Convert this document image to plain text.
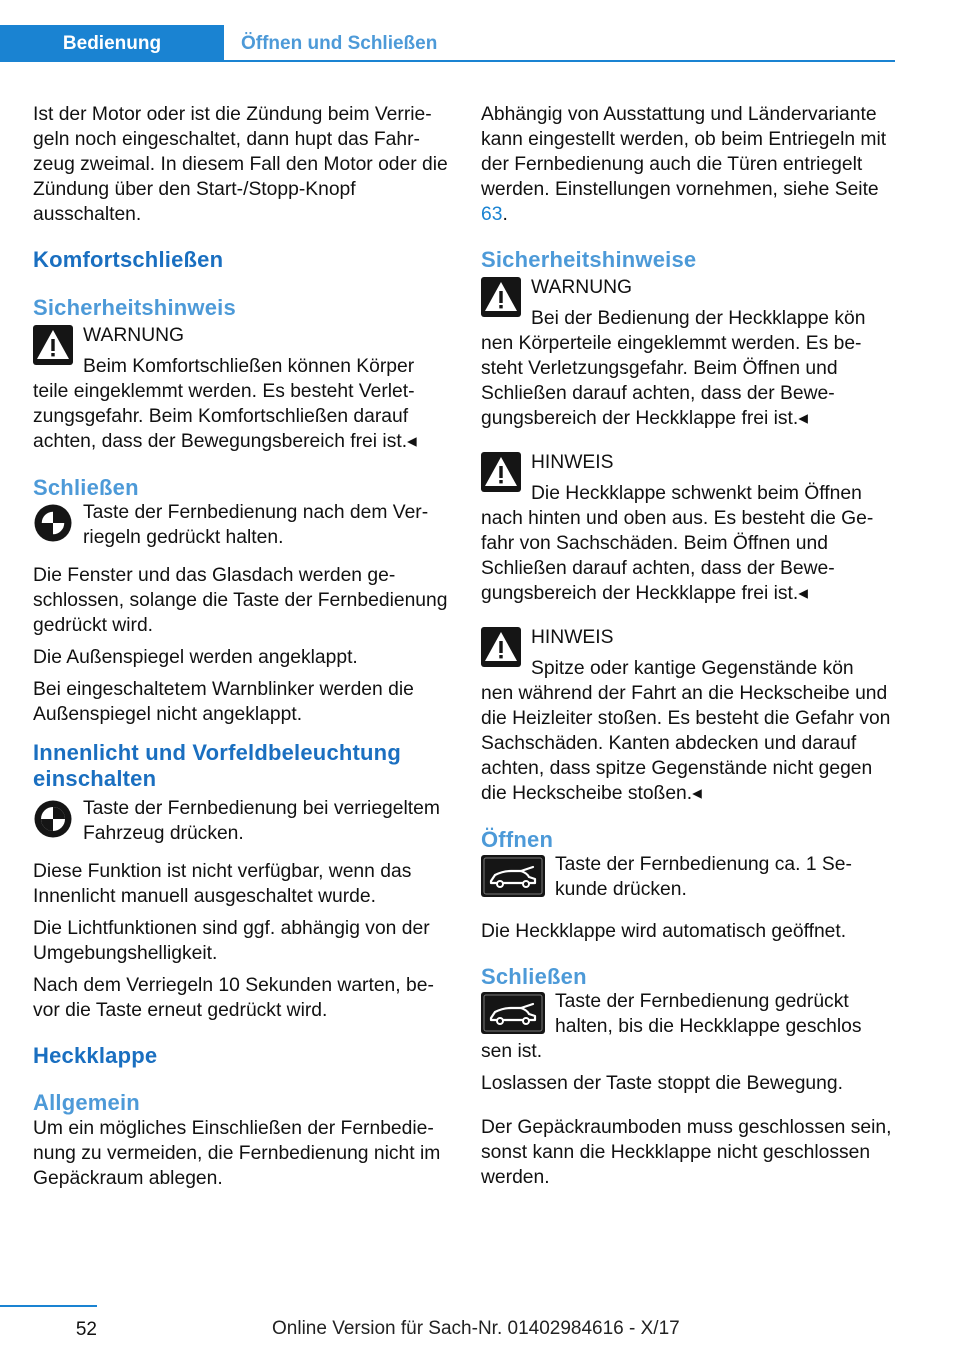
Bedienung	Öffnen und Schließen

Ist der Motor oder ist die Zündung beim Verriegeln noch eingeschaltet, dann hupt das Fahrzeug zweimal. In diesem Fall den Motor oder die Zündung über den Start-/Stopp-Knopf ausschalten.

Komfortschließen
Sicherheitshinweis
WARNUNG
Beim Komfortschließen können Körper
teile eingeklemmt werden. Es besteht Verletzungsgefahr. Beim Komfortschließen darauf achten, dass der Bewegungsbereich frei ist.◂
Schließen
Taste der Fernbedienung nach dem Verriegeln gedrückt halten.

Die Fenster und das Glasdach werden geschlossen, solange die Taste der Fernbedienung gedrückt wird.

Die Außenspiegel werden angeklappt.

Bei eingeschaltetem Warnblinker werden die Außenspiegel nicht angeklappt.

Innenlicht und Vorfeldbeleuchtung einschalten
Taste der Fernbedienung bei verriegeltem Fahrzeug drücken.

Diese Funktion ist nicht verfügbar, wenn das Innenlicht manuell ausgeschaltet wurde.

Die Lichtfunktionen sind ggf. abhängig von der Umgebungshelligkeit.

Nach dem Verriegeln 10 Sekunden warten, bevor die Taste erneut gedrückt wird.

Heckklappe
Allgemein

Um ein mögliches Einschließen der Fernbedienung zu vermeiden, die Fernbedienung nicht im Gepäckraum ablegen.

Abhängig von Ausstattung und Ländervariante kann eingestellt werden, ob beim Entriegeln mit der Fernbedienung auch die Türen entriegelt werden. Einstellungen vornehmen, siehe Seite 63.

Sicherheitshinweise
WARNUNG
Bei der Bedienung der Heckklappe kön
nen Körperteile eingeklemmt werden. Es besteht Verletzungsgefahr. Beim Öffnen und Schließen darauf achten, dass der Bewegungsbereich der Heckklappe frei ist.◂
HINWEIS
Die Heckklappe schwenkt beim Öffnen
nach hinten und oben aus. Es besteht die Gefahr von Sachschäden. Beim Öffnen und Schließen darauf achten, dass der Bewegungsbereich der Heckklappe frei ist.◂
HINWEIS
Spitze oder kantige Gegenstände kön
nen während der Fahrt an die Heckscheibe und die Heizleiter stoßen. Es besteht die Gefahr von Sachschäden. Kanten abdecken und darauf achten, dass spitze Gegenstände nicht gegen die Heckscheibe stoßen.◂
Öffnen
Taste der Fernbedienung ca. 1 Sekunde drücken.

Die Heckklappe wird automatisch geöffnet.

Schließen
Taste der Fernbedienung gedrückt halten, bis die Heckklappe geschlos
sen ist.

Loslassen der Taste stoppt die Bewegung.

Der Gepäckraumboden muss geschlossen sein, sonst kann die Heckklappe nicht geschlossen werden.

52	Online Version für Sach-Nr. 01402984616 - X/17
